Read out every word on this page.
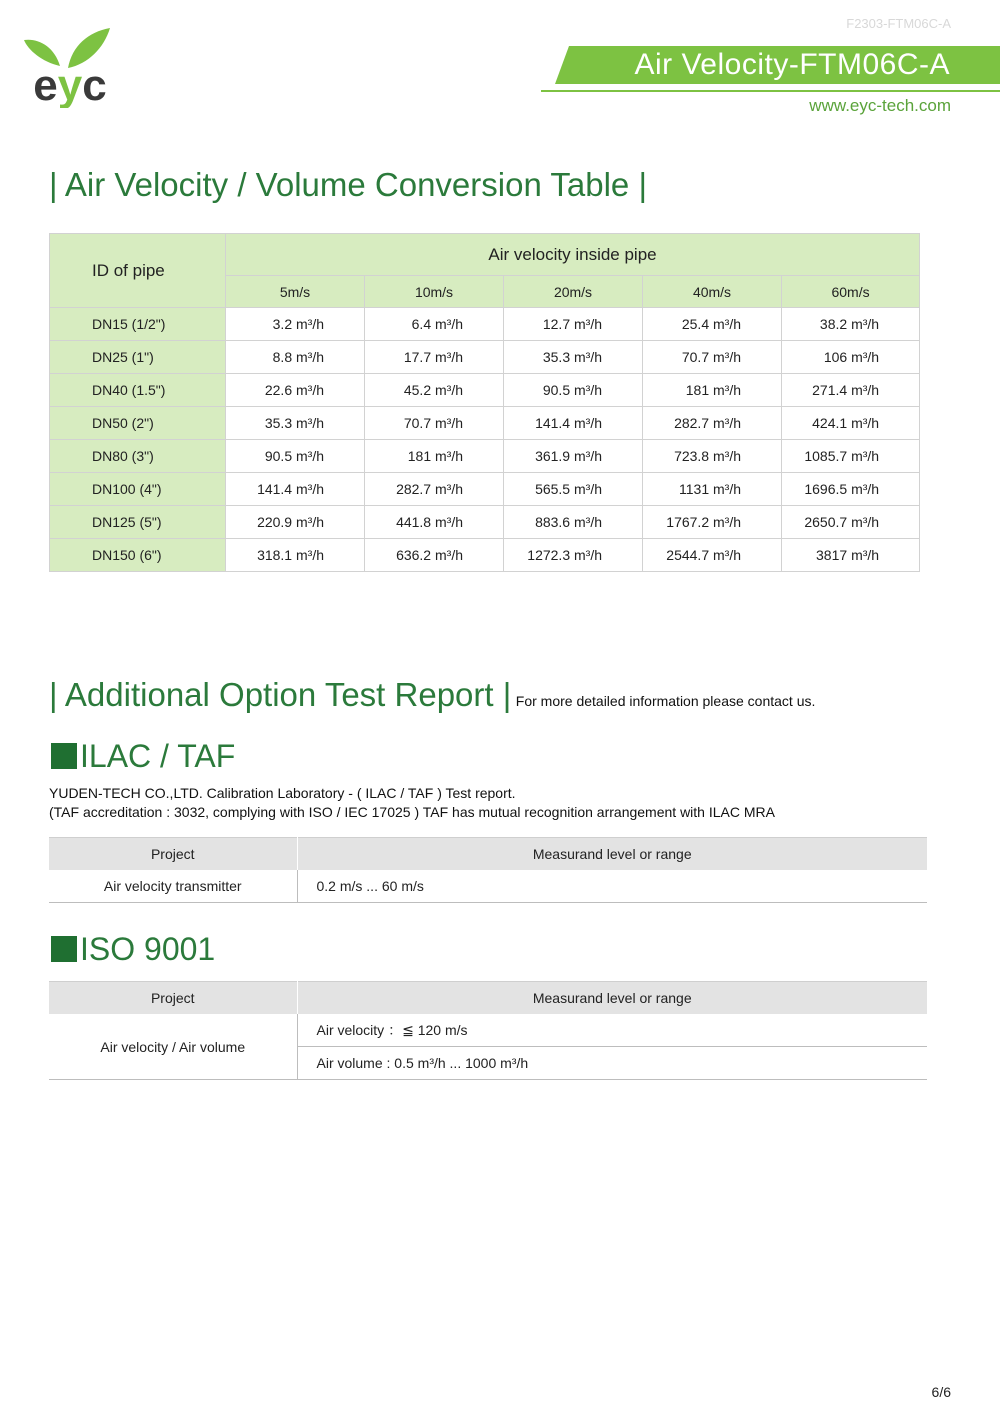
F2303-FTM06C-A
eyc	Air Velocity-FTM06C-A
www.eyc-tech.com
| Air Velocity / Volume Conversion Table |
ID of pipe	Air velocity inside pipe				
	5m/s	10m/s	20m/s	40m/s	60m/s
DN15 (1/2")	3.2 m³/h	6.4 m³/h	12.7 m³/h	25.4 m³/h	38.2 m³/h
DN25 (1")	8.8 m³/h	17.7 m³/h	35.3 m³/h	70.7 m³/h	106 m³/h
DN40 (1.5")	22.6 m³/h	45.2 m³/h	90.5 m³/h	181 m³/h	271.4 m³/h
DN50 (2")	35.3 m³/h	70.7 m³/h	141.4 m³/h	282.7 m³/h	424.1 m³/h
DN80 (3")	90.5 m³/h	181 m³/h	361.9 m³/h	723.8 m³/h	1085.7 m³/h
DN100 (4")	141.4 m³/h	282.7 m³/h	565.5 m³/h	1131 m³/h	1696.5 m³/h
DN125 (5")	220.9 m³/h	441.8 m³/h	883.6 m³/h	1767.2 m³/h	2650.7 m³/h
DN150 (6")	318.1 m³/h	636.2 m³/h	1272.3 m³/h	2544.7 m³/h	3817 m³/h
| Additional Option Test Report | For more detailed information please contact us.
ILAC / TAF
YUDEN-TECH CO.,LTD. Calibration Laboratory - ( ILAC / TAF ) Test report.
(TAF accreditation : 3032, complying with ISO / IEC 17025 ) TAF has mutual recognition arrangement with ILAC MRA
Project	Measurand level or range
Air velocity transmitter	0.2 m/s ... 60 m/s
ISO 9001
Project	Measurand level or range
Air velocity / Air volume	Air velocity ：≦ 120 m/s
	Air volume : 0.5 m³/h ... 1000 m³/h
6/6
